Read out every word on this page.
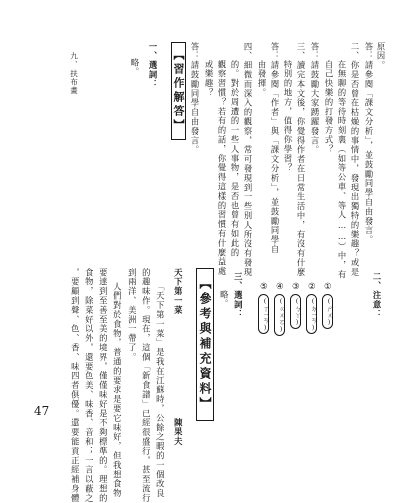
原因。
答：請參閱「課文分析」，並鼓勵同學自由發言。
二、你是否曾在枯燥的事情中，發現出獨特的樂趣？或是
在無聊的等待時刻裏（如等公車、等人……）中，有
自己快樂的打發方式？
答：請鼓勵大家踴躍發言。
三、讀完本文後，你覺得作者在日常生活中，有沒有什麼
特別的地方，值得你學習？
答：請參閱「作者」與「課文分析」，並鼓勵同學自
由發揮。
四、細微而深入的觀察，常可發現到一些別人所沒有發現
的。對於周遭的一些人事物，是否也曾有如此的
觀察習慣？若有的話，你覺得這樣的習慣有什麼益處
或樂趣？
答：請鼓勵同學自由發言。
【習作解答】
一、選詞：
略。
九、扶布畫
二、注意：
①
(ㄕㄨ)
②
(ㄉㄧㄢ)
③
(ㄅㄚ)
④
(ㄍㄨㄛ)
⑤
(ㄒㄧㄢ)
三、選詞：
略。
【參考與補充資料】
天下第一菜
陳果夫
「天下第一菜」是我在江蘇時，公餘之暇的一個改良
的趣味作。現在，這個「新食譜」已經很盛行，甚至流行
到兩洋、美洲一帶了。
人們對於食物，普通的要求是要它味好，但我想食物
要達到至善至美的境界，僅僅味好是不夠標準的。理想的
食物，除菜好以外，還要色美、味香、音和；一言以蔽之
，要顧到聲、色、香、味四者俱優。還要能貢正經補身體
47
